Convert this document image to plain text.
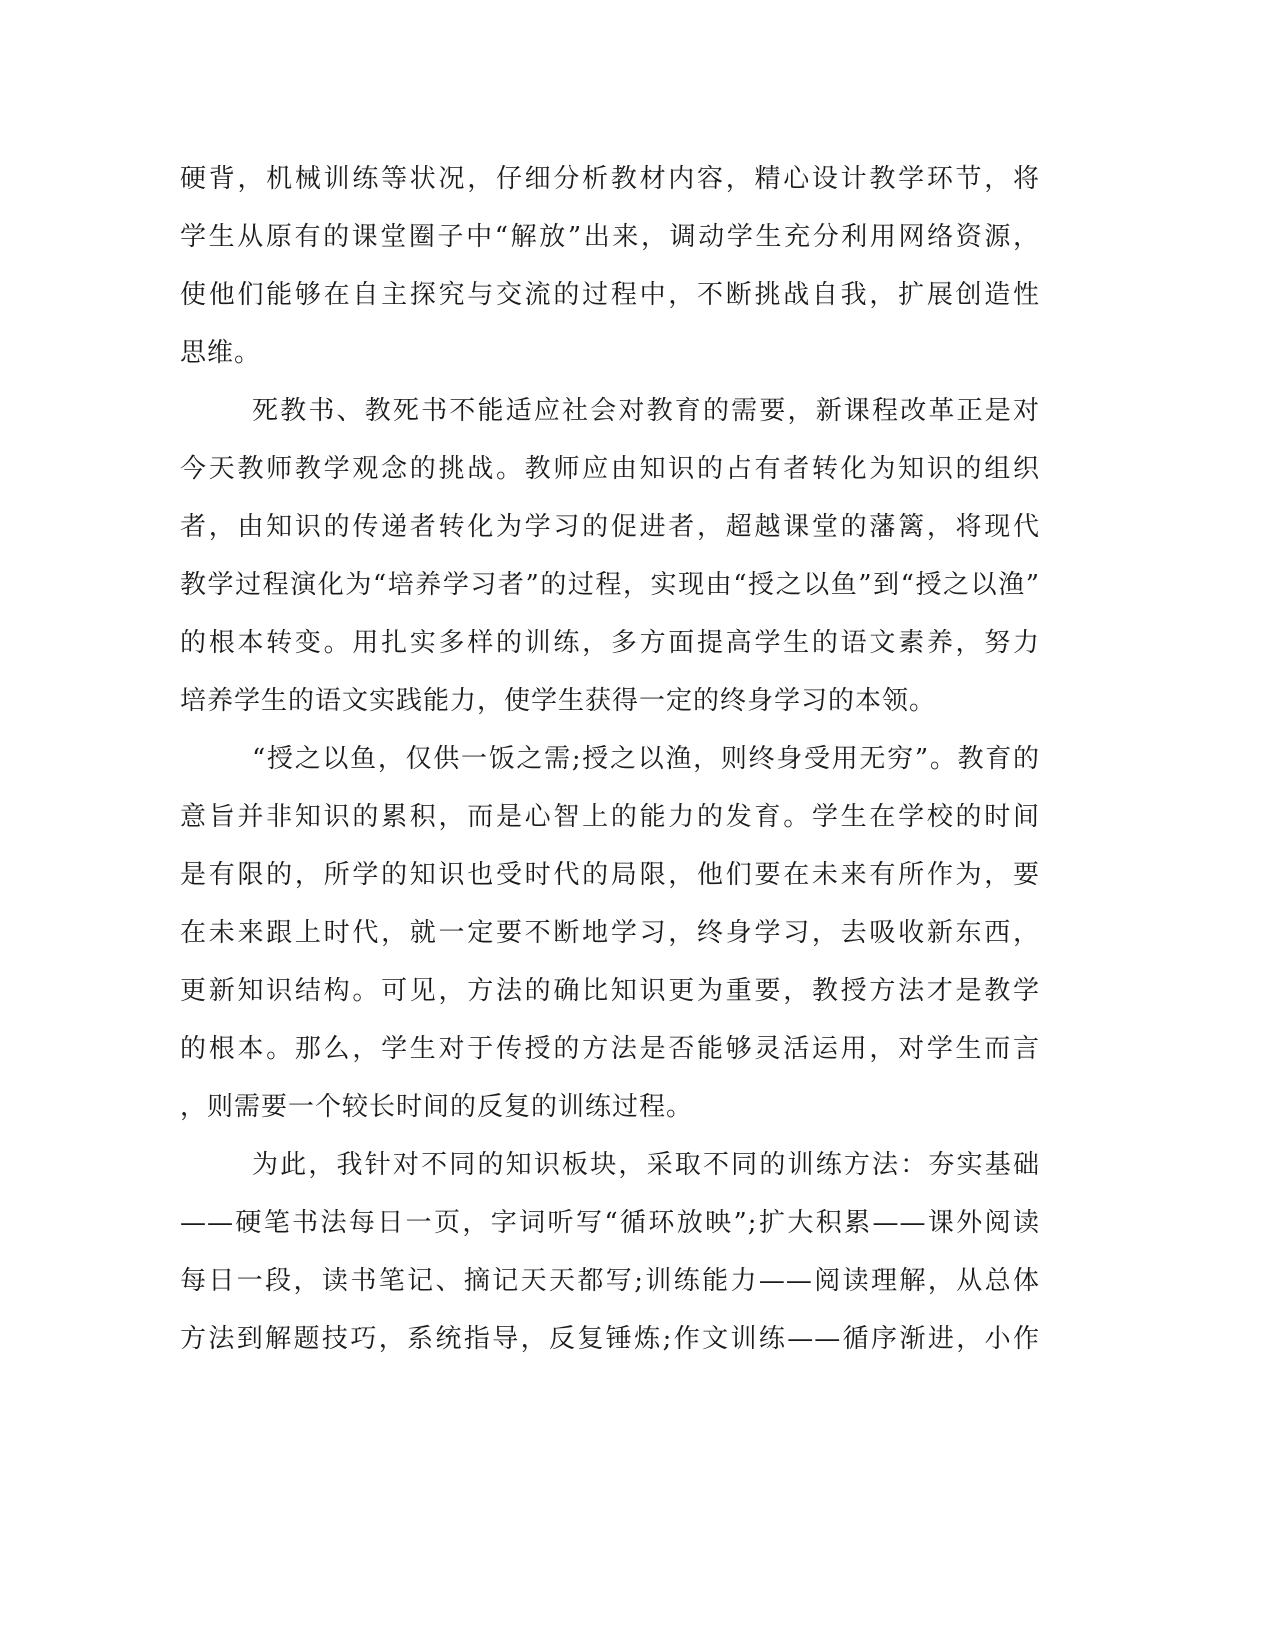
硬背，机械训练等状况，仔细分析教材内容，精心设计教学环节，将
学生从原有的课堂圈子中“解放”出来，调动学生充分利用网络资源，
使他们能够在自主探究与交流的过程中，不断挑战自我，扩展创造性
思维。
死教书、教死书不能适应社会对教育的需要，新课程改革正是对
今天教师教学观念的挑战。教师应由知识的占有者转化为知识的组织
者，由知识的传递者转化为学习的促进者，超越课堂的藩篱，将现代
教学过程演化为“培养学习者”的过程，实现由“授之以鱼”到“授之以渔”
的根本转变。用扎实多样的训练，多方面提高学生的语文素养，努力
培养学生的语文实践能力，使学生获得一定的终身学习的本领。
“授之以鱼，仅供一饭之需;授之以渔，则终身受用无穷”。教育的
意旨并非知识的累积，而是心智上的能力的发育。学生在学校的时间
是有限的，所学的知识也受时代的局限，他们要在未来有所作为，要
在未来跟上时代，就一定要不断地学习，终身学习，去吸收新东西，
更新知识结构。可见，方法的确比知识更为重要，教授方法才是教学
的根本。那么，学生对于传授的方法是否能够灵活运用，对学生而言
，则需要一个较长时间的反复的训练过程。
为此，我针对不同的知识板块，采取不同的训练方法：夯实基础
——硬笔书法每日一页，字词听写“循环放映”;扩大积累——课外阅读
每日一段，读书笔记、摘记天天都写;训练能力——阅读理解，从总体
方法到解题技巧，系统指导，反复锤炼;作文训练——循序渐进，小作
